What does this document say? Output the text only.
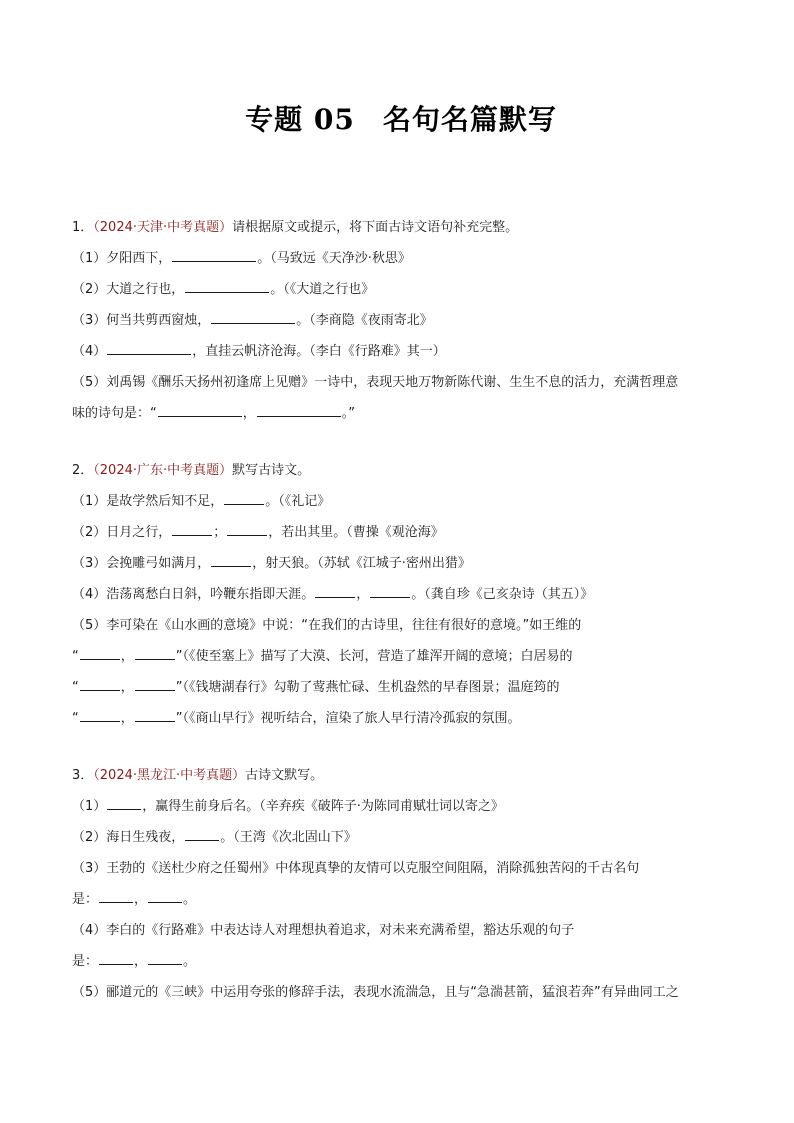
专题 05 名句名篇默写
1．（2024·天津·中考真题）请根据原文或提示，将下面古诗文语句补充完整。
（1）夕阳西下，	。（马致远《天净沙·秋思》
（2）大道之行也，	。（《大道之行也》
（3）何当共剪西窗烛，	。（李商隐《夜雨寄北》
（4）	，直挂云帆济沧海。（李白《行路难》其一）
（5）刘禹锡《酬乐天扬州初逢席上见赠》一诗中，表现天地万物新陈代谢、生生不息的活力，充满哲理意
味的诗句是：“	，	。”
2．（2024·广东·中考真题）默写古诗文。
（1）是故学然后知不足，	。（《礼记》
（2）日月之行，	；	，若出其里。（曹操《观沧海》
（3）会挽雕弓如满月，	，射天狼。（苏轼《江城子·密州出猎》
（4）浩荡离愁白日斜，吟鞭东指即天涯。	，	。（龚自珍《己亥杂诗（其五）》
（5）李可染在《山水画的意境》中说：“在我们的古诗里，往往有很好的意境。”如王维的
“	，	”（《使至塞上》描写了大漠、长河，营造了雄浑开阔的意境；白居易的
“	，	”（《钱塘湖春行》勾勒了莺燕忙碌、生机盎然的早春图景；温庭筠的
“	，	”（《商山早行》视听结合，渲染了旅人早行清冷孤寂的氛围。
3．（2024·黑龙江·中考真题）古诗文默写。
（1）	，赢得生前身后名。（辛弃疾《破阵子·为陈同甫赋壮词以寄之》
（2）海日生残夜，	。（王湾《次北固山下》
（3）王勃的《送杜少府之任蜀州》中体现真挚的友情可以克服空间阻隔，消除孤独苦闷的千古名句
是：	，	。
（4）李白的《行路难》中表达诗人对理想执着追求，对未来充满希望，豁达乐观的句子
是：	，	。
（5）郦道元的《三峡》中运用夸张的修辞手法，表现水流湍急，且与“急湍甚箭，猛浪若奔”有异曲同工之
